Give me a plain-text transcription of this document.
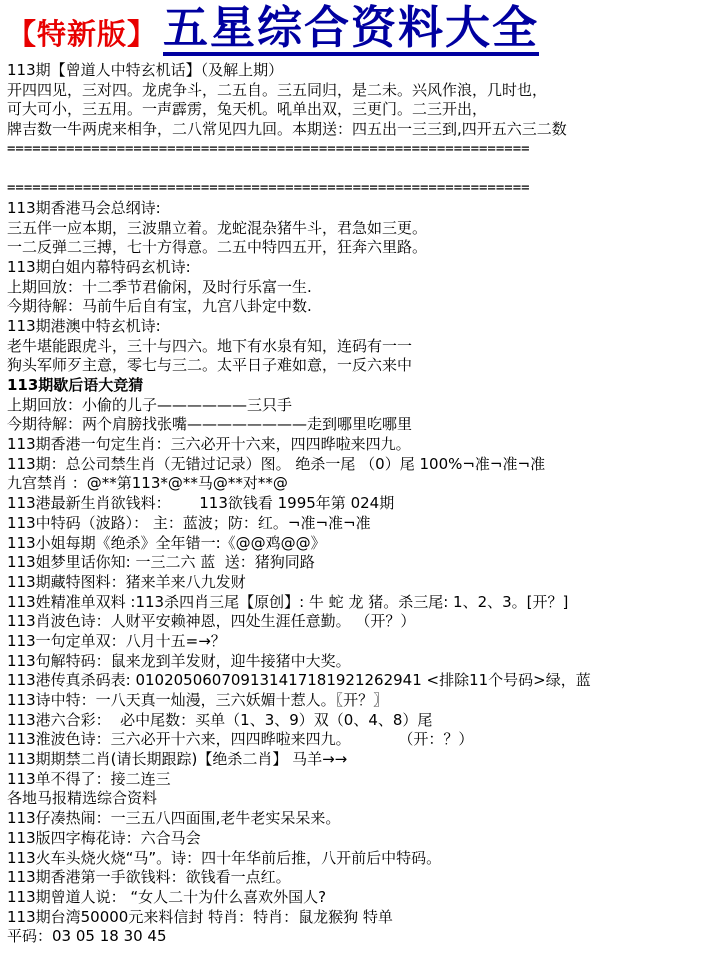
【特新版】 五星综合资料大全
113期【曾道人中特玄机话】（及解上期）
开四四见，三对四。龙虎争斗，二五自。三五同归，是二未。兴风作浪，几时也，
可大可小，三五用。一声霹雳，兔天机。吼单出双，三更门。二三开出，
牌吉数一牛两虎来相争，二八常见四九回。本期送：四五出一三三到,四开五六三二数
==============================================================

==============================================================
113期香港马会总纲诗:
三五伴一应本期，三波鼎立着。龙蛇混杂猪牛斗，君急如三更。
一二反弹二三搏，七十方得意。二五中特四五开，狂奔六里路。
113期白姐内幕特码玄机诗:
上期回放：十二季节君偷闲，及时行乐富一生.
今期待解：马前牛后自有宝，九宫八卦定中数.
113期港澳中特玄机诗:
老牛堪能跟虎斗，三十与四六。地下有水泉有知，连码有一一
狗头军师歹主意，零七与三二。太平日子难如意，一反六来中
113期歇后语大竞猜
上期回放：小偷的儿子——————三只手
今期待解：两个肩膀找张嘴————————走到哪里吃哪里
113期香港一句定生肖：三六必开十六来，四四晔啦来四九。
113期：总公司禁生肖（无错过记录）图。 绝杀一尾 （0）尾 100%¬准¬准¬准
九宫禁肖 ：@**第113*@**马@**对**@
113港最新生肖欲钱料：      113欲钱看 1995年第 024期
113中特码（波路）： 主：蓝波；防：红。¬准¬准¬准
113小姐每期《绝杀》全年错一:《@@鸡@@》
113姐梦里话你知: 一三二六 蓝  送：猪狗同路
113期藏特图料：猪来羊来八九发财
113姓精准单双料 :113杀四肖三尾【原创】: 牛 蛇 龙 猪。杀三尾: 1、2、3。[开？]
113肖波色诗：人财平安赖神恩，四处生涯任意勤。 （开？）
113一句定单双：八月十五=→？
113句解特码：鼠来龙到羊发财，迎牛接猪中大奖。
113港传真杀码表: 010205060709131417181921262941 <排除11个号码>绿，蓝
113诗中特：一八天真一灿漫，三六妖媚十惹人。〖开？〗
113港六合彩：  必中尾数：买单（1、3、9）双（0、4、8）尾
113淮波色诗：三六必开十六来，四四晔啦来四九。          （开：？）
113期期禁二肖(请长期跟踪)【绝杀二肖】 马羊→→
113单不得了：接二连三
各地马报精选综合资料
113仔凑热闹：一三五八四面围,老牛老实呆呆来。
113版四字梅花诗：六合马会
113火车头烧火烧“马”。诗：四十年华前后推，八开前后中特码。
113期香港第一手欲钱料：欲钱看一点红。
113期曾道人说： “女人二十为什么喜欢外国人?
113期台湾50000元来料信封 特肖：特肖：鼠龙猴狗 特单
平码：03 05 18 30 45
